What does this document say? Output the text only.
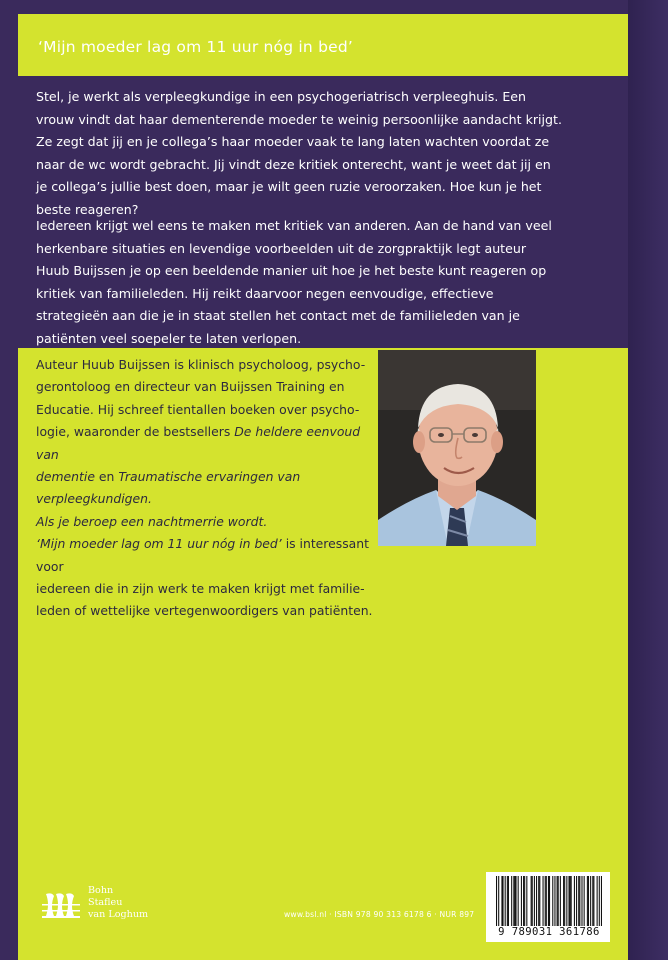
‘Mijn moeder lag om 11 uur nóg in bed’
Stel, je werkt als verpleegkundige in een psychogeriatrisch verpleeghuis. Een
vrouw vindt dat haar dementerende moeder te weinig persoonlijke aandacht krijgt.
Ze zegt dat jij en je collega’s haar moeder vaak te lang laten wachten voordat ze
naar de wc wordt gebracht. Jij vindt deze kritiek onterecht, want je weet dat jij en
je collega’s jullie best doen, maar je wilt geen ruzie veroorzaken. Hoe kun je het
beste reageren?
Iedereen krijgt wel eens te maken met kritiek van anderen. Aan de hand van veel
herkenbare situaties en levendige voorbeelden uit de zorgpraktijk legt auteur
Huub Buijssen je op een beeldende manier uit hoe je het beste kunt reageren op
kritiek van familieleden. Hij reikt daarvoor negen eenvoudige, effectieve
strategieën aan die je in staat stellen het contact met de familieleden van je
patiënten veel soepeler te laten verlopen.
Auteur Huub Buijssen is klinisch psycholoog, psycho-
gerontoloog en directeur van Buijssen Training en
Educatie. Hij schreef tientallen boeken over psycho-
logie, waaronder de bestsellers De heldere eenvoud van
dementie en Traumatische ervaringen van verpleegkundigen.
Als je beroep een nachtmerrie wordt.
‘Mijn moeder lag om 11 uur nóg in bed’ is interessant voor
iedereen die in zijn werk te maken krijgt met familie-
leden of wettelijke vertegenwoordigers van patiënten.
Bohn
Stafleu
van Loghum	www.bsl.nl · ISBN 978 90 313 6178 6 · NUR 897
9 789031 361786
